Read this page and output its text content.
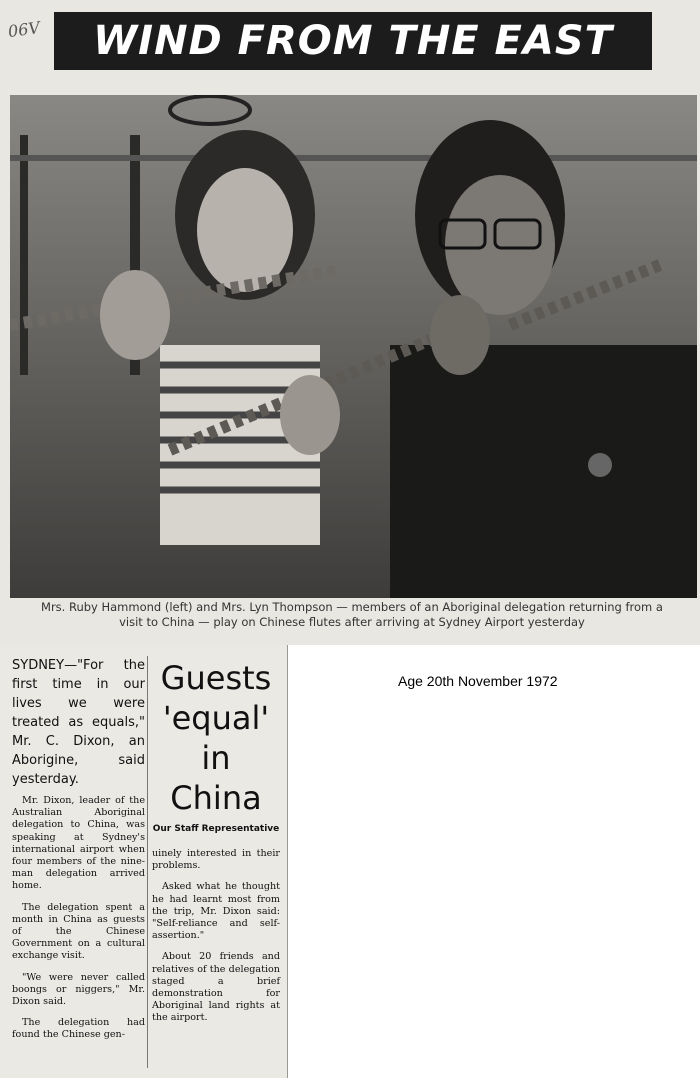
06V WIND FROM THE EAST
Mrs. Ruby Hammond (left) and Mrs. Lyn Thompson — members of an Aboriginal delegation returning from a
visit to China — play on Chinese flutes after arriving at Sydney Airport yesterday

SYDNEY—"For the first time in our lives we were treated as equals," Mr. C. Dixon, an Aborigine, said yesterday.

Mr. Dixon, leader of the Australian Aboriginal delegation to China, was speaking at Sydney's international airport when four members of the nine-man delegation arrived home.

The delegation spent a month in China as guests of the Chinese Government on a cultural exchange visit.

"We were never called boongs or niggers," Mr. Dixon said.

The delegation had found the Chinese gen-

Guests
'equal'
in
China
Our Staff Representative

uinely interested in their problems.

Asked what he thought he had learnt most from the trip, Mr. Dixon said: "Self-reliance and self-assertion."

About 20 friends and relatives of the delegation staged a brief demonstration for Aboriginal land rights at the airport.

Age 20th November 1972
